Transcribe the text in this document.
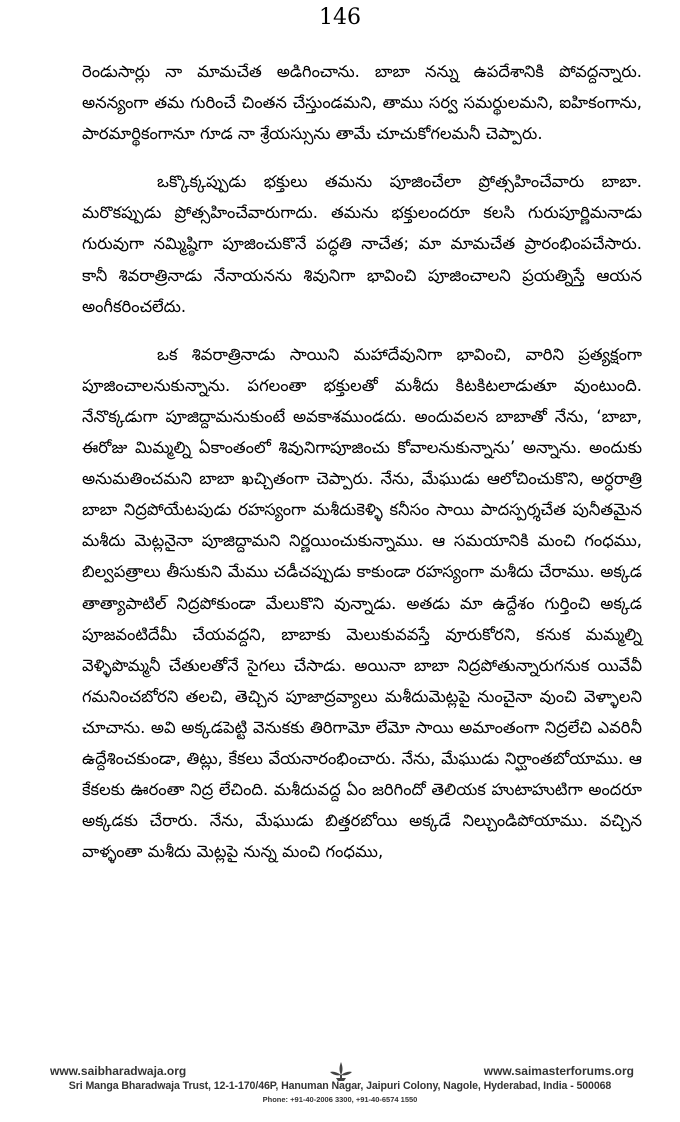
146

రెండుసార్లు నా మామచేత అడిగించాను. బాబా నన్ను ఉపదేశానికి పోవద్దన్నారు. అనన్యంగా తమ గురించే చింతన చేస్తుండమని, తాము సర్వ సమర్థులమని, ఐహికంగాను, పారమార్థికంగానూ గూడ నా శ్రేయస్సును తామే చూచుకోగలమనీ చెప్పారు.

ఒక్కొక్కప్పుడు భక్తులు తమను పూజించేలా ప్రోత్సహించేవారు బాబా. మరొకప్పుడు ప్రోత్సహించేవారుగాదు. తమను భక్తులందరూ కలసి గురుపూర్ణిమనాడు గురువుగా నమ్మిష్ఠిగా పూజించుకొనే పద్ధతి నాచేత; మా మామచేత ప్రారంభింపచేసారు. కానీ శివరాత్రినాడు నేనాయనను శివునిగా భావించి పూజించాలని ప్రయత్నిస్తే ఆయన అంగీకరించలేదు.

ఒక శివరాత్రినాడు సాయిని మహాదేవునిగా భావించి, వారిని ప్రత్యక్షంగా పూజించాలనుకున్నాను. పగలంతా భక్తులతో మశీదు కిటకిటలాడుతూ వుంటుంది. నేనొక్కడుగా పూజిద్దామనుకుంటే అవకాశముండదు. అందువలన బాబాతో నేను, ‘బాబా, ఈరోజు మిమ్మల్ని ఏకాంతంలో శివునిగాపూజించు కోవాలనుకున్నాను’ అన్నాను. అందుకు అనుమతించమని బాబా ఖచ్చితంగా చెప్పారు. నేను, మేఘుడు ఆలోచించుకొని, అర్ధరాత్రి బాబా నిద్రపోయేటపుడు రహస్యంగా మశీదుకెళ్ళి కనీసం సాయి పాదస్పర్శచేత పునీతమైన మశీదు మెట్లనైనా పూజిద్దామని నిర్ణయించుకున్నాము. ఆ సమయానికి మంచి గంధము, బిల్వపత్రాలు తీసుకుని మేము చడీచప్పుడు కాకుండా రహస్యంగా మశీదు చేరాము. అక్కడ తాత్యాపాటిల్ నిద్రపోకుండా మేలుకొని వున్నాడు. అతడు మా ఉద్దేశం గుర్తించి అక్కడ పూజవంటిదేమీ చేయవద్దని, బాబాకు మెలుకువవస్తే వూరుకోరని, కనుక మమ్మల్ని వెళ్ళిపొమ్మనీ చేతులతోనే సైగలు చేసాడు. అయినా బాబా నిద్రపోతున్నారుగనుక యివేవీ గమనించబోరని తలచి, తెచ్చిన పూజాద్రవ్యాలు మశీదుమెట్లపై నుంచైనా వుంచి వెళ్ళాలని చూచాను. అవి అక్కడపెట్టి వెనుకకు తిరిగామో లేమో సాయి అమాంతంగా నిద్రలేచి ఎవరినీ ఉద్దేశించకుండా, తిట్లు, కేకలు వేయనారంభించారు. నేను, మేఘుడు నిర్ఘాంతబోయాము. ఆ కేకలకు ఊరంతా నిద్ర లేచింది. మశీదువద్ద ఏం జరిగిందో తెలియక హుటాహుటిగా అందరూ అక్కడకు చేరారు. నేను, మేఘుడు బిత్తరబోయి అక్కడే నిల్చుండిపోయాము. వచ్చిన వాళ్ళంతా మశీదు మెట్లపై నున్న మంచి గంధము,

www.saibharadwaja.org	www.saimasterforums.org
Sri Manga Bharadwaja Trust, 12-1-170/46P, Hanuman Nagar, Jaipuri Colony, Nagole, Hyderabad, India - 500068
Phone: +91-40-2006 3300, +91-40-6574 1550
